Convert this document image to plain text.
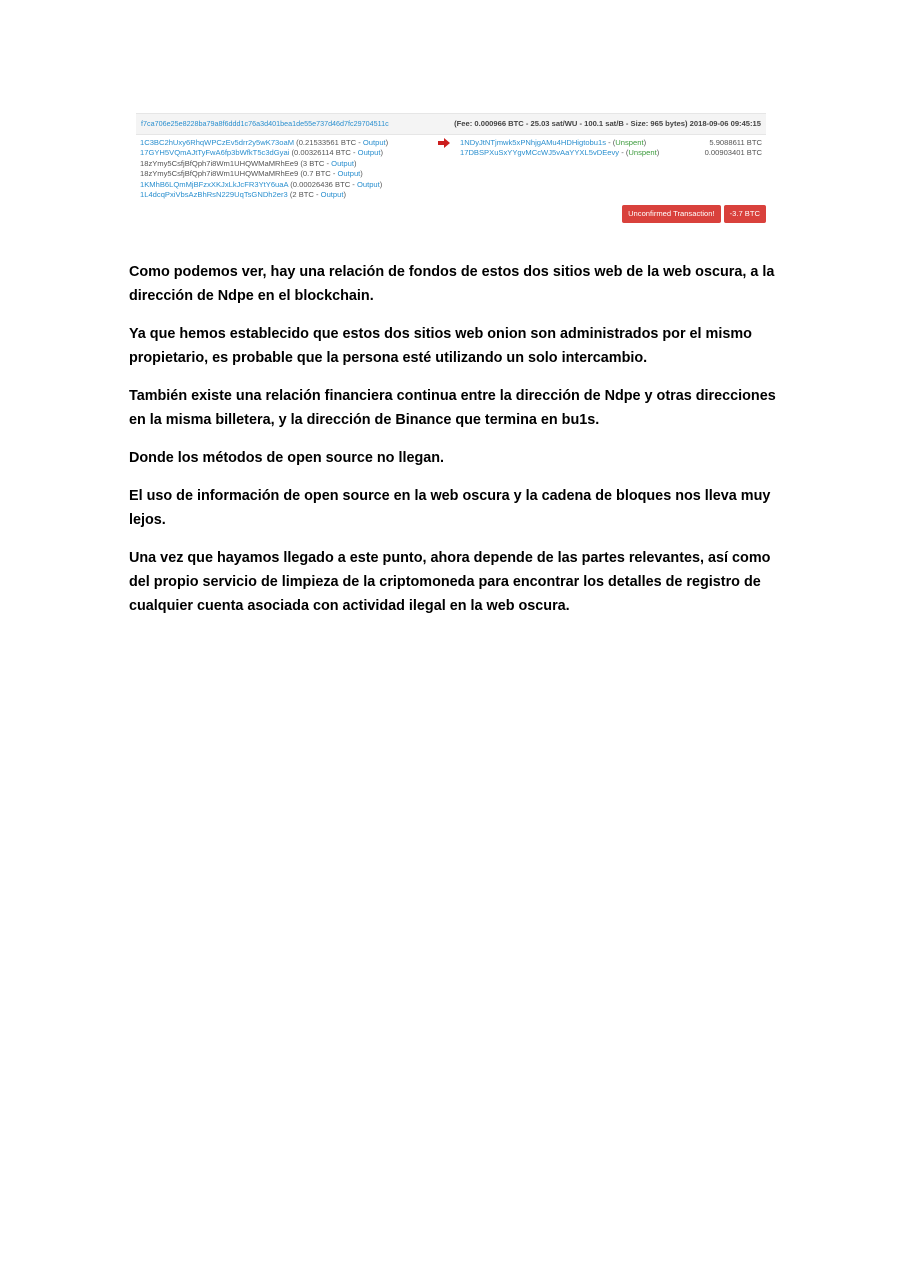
f7ca706e25e8228ba79a8f6ddd1c76a3d401bea1de55e737d46d7fc29704511c	(Fee: 0.000966 BTC - 25.03 sat/WU - 100.1 sat/B - Size: 965 bytes) 2018-09-06 09:45:15
1C3BC2hUxy6RhqWPCzEv5drr2y5wK73oaM (0.21533561 BTC - Output)
17GYH5VQmAJtTyFwA6fp3bWfkT5c3dGyai (0.00326114 BTC - Output)
18zYmy5CsfjBfQph7i8Wm1UHQWMaMRhEe9 (3 BTC - Output)
18zYmy5CsfjBfQph7i8Wm1UHQWMaMRhEe9 (0.7 BTC - Output)
1KMhB6LQmMjBFzxXKJxLkJcFR3YtY6uaA (0.00026436 BTC - Output)
1L4dcqPxiVbsAzBhRsN229UqTsGNDh2er3 (2 BTC - Output)
1NDyJtNTjmwk5xPNhjgAMu4HDHigtobu1s - (Unspent)	5.9088611 BTC
17DBSPXuSxYYgvMCcWJ5vAaYYXL5vDEevy - (Unspent)	0.00903401 BTC
Unconfirmed Transaction! -3.7 BTC

Como podemos ver, hay una relación de fondos de estos dos sitios web de la web oscura, a la dirección de Ndpe en el blockchain.

Ya que hemos establecido que estos dos sitios web onion son administrados por el mismo propietario, es probable que la persona esté utilizando un solo intercambio.

También existe una relación financiera continua entre la dirección de Ndpe y otras direcciones en la misma billetera, y la dirección de Binance que termina en bu1s.

Donde los métodos de open source no llegan.

El uso de información de open source en la web oscura y la cadena de bloques nos lleva muy lejos.

Una vez que hayamos llegado a este punto, ahora depende de las partes relevantes, así como del propio servicio de limpieza de la criptomoneda para encontrar los detalles de registro de cualquier cuenta asociada con actividad ilegal en la web oscura.
